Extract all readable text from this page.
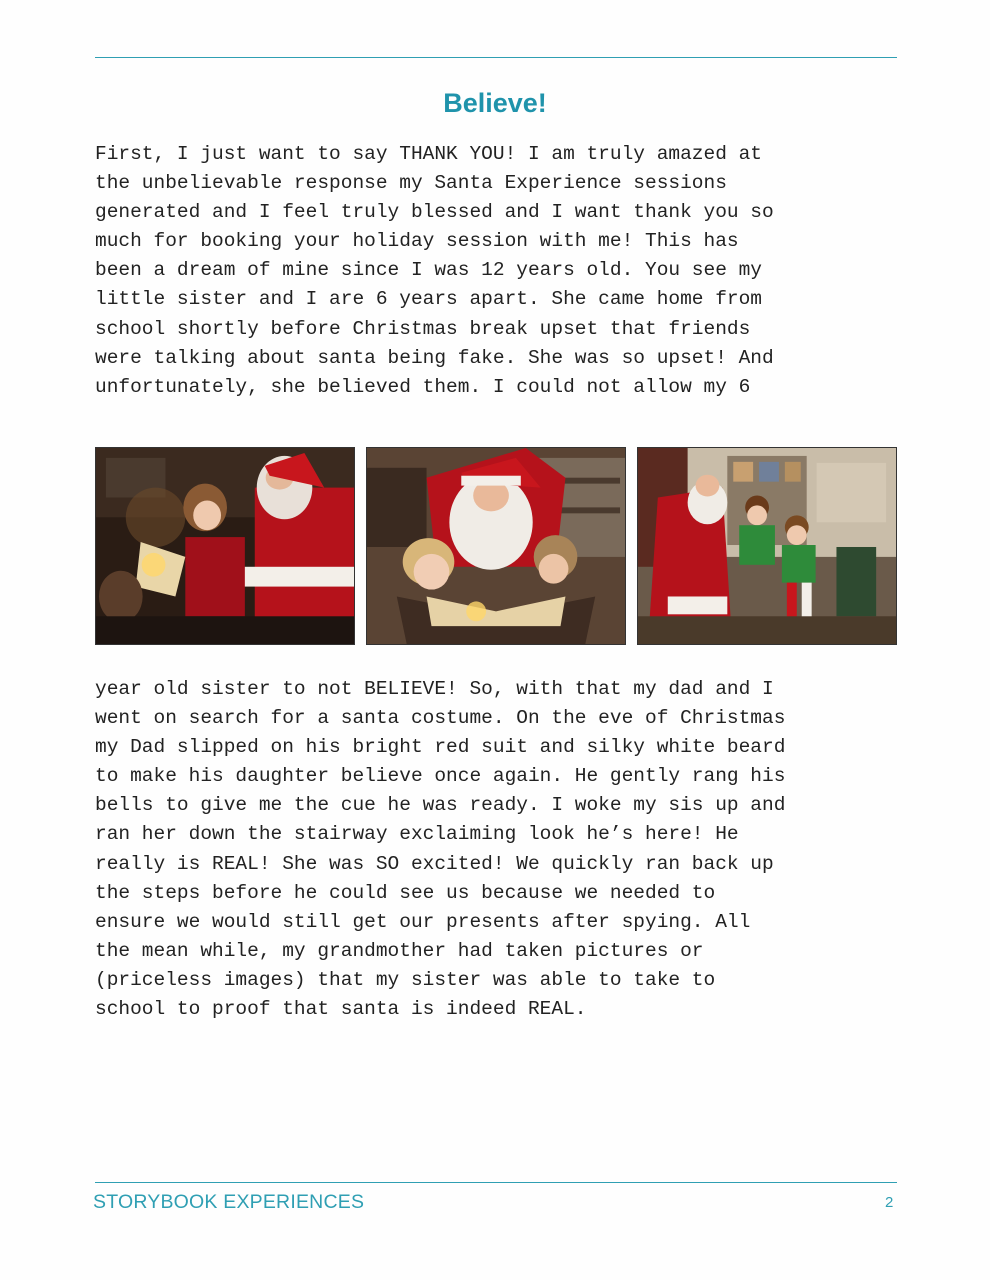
Believe!

First, I just want to say THANK YOU! I am truly amazed at
the unbelievable response my Santa Experience sessions
generated and I feel truly blessed and I want thank you so
much for booking your holiday session with me! This has
been a dream of mine since I was 12 years old. You see my
little sister and I are 6 years apart. She came home from
school shortly before Christmas break upset that friends
were talking about santa being fake. She was so upset! And
unfortunately, she believed them. I could not allow my 6

year old sister to not BELIEVE! So, with that my dad and I
went on search for a santa costume. On the eve of Christmas
my Dad slipped on his bright red suit and silky white beard
to make his daughter believe once again. He gently rang his
bells to give me the cue he was ready. I woke my sis up and
ran her down the stairway exclaiming look he’s here! He
really is REAL! She was SO excited! We quickly ran back up
the steps before he could see us because we needed to
ensure we would still get our presents after spying. All
the mean while, my grandmother had taken pictures or
(priceless images) that my sister was able to take to
school to proof that santa is indeed REAL.

STORYBOOK EXPERIENCES	2
